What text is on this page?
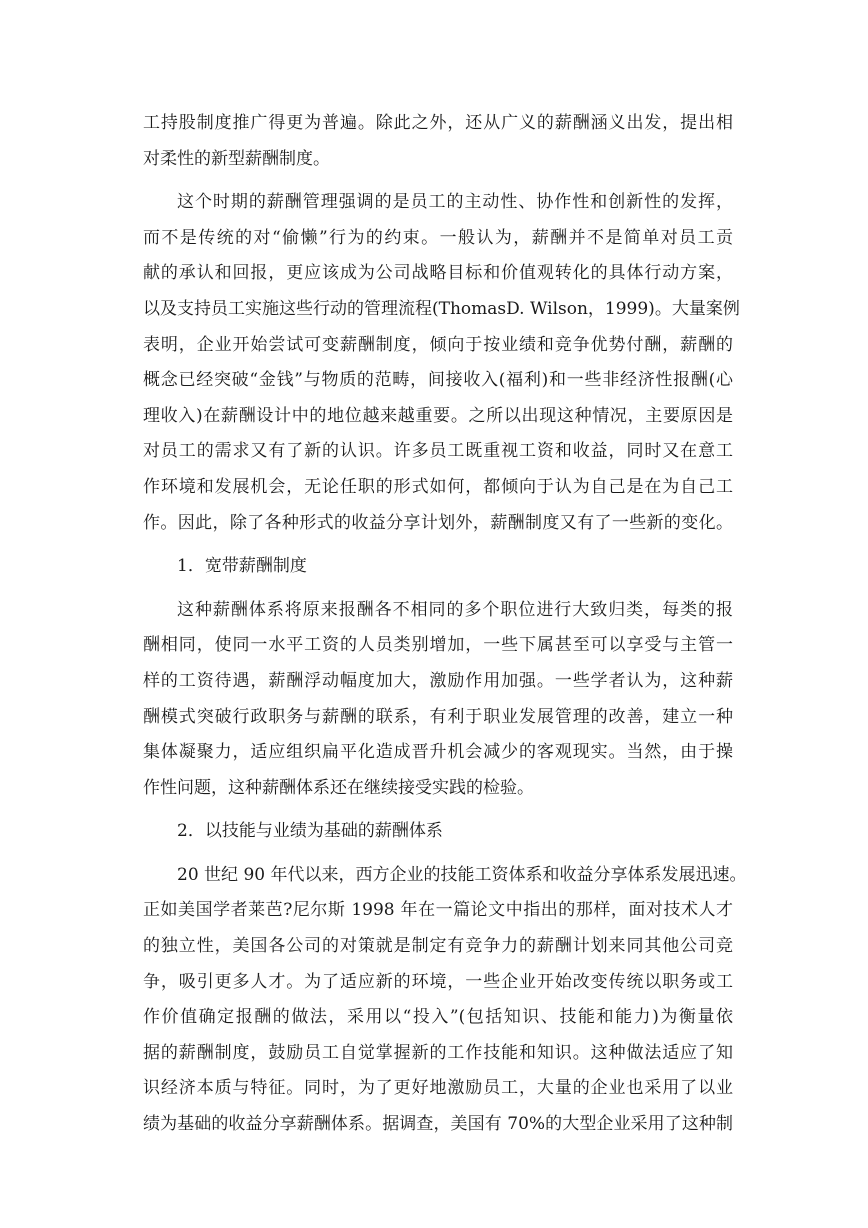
工持股制度推广得更为普遍。除此之外，还从广义的薪酬涵义出发，提出相
对柔性的新型薪酬制度。
这个时期的薪酬管理强调的是员工的主动性、协作性和创新性的发挥，
而不是传统的对“偷懒”行为的约束。一般认为，薪酬并不是简单对员工贡
献的承认和回报，更应该成为公司战略目标和价值观转化的具体行动方案，
以及支持员工实施这些行动的管理流程(ThomasD. Wilson，1999)。大量案例
表明，企业开始尝试可变薪酬制度，倾向于按业绩和竞争优势付酬，薪酬的
概念已经突破“金钱”与物质的范畴，间接收入(福利)和一些非经济性报酬(心
理收入)在薪酬设计中的地位越来越重要。之所以出现这种情况，主要原因是
对员工的需求又有了新的认识。许多员工既重视工资和收益，同时又在意工
作环境和发展机会，无论任职的形式如何，都倾向于认为自己是在为自己工
作。因此，除了各种形式的收益分享计划外，薪酬制度又有了一些新的变化。
1．宽带薪酬制度
这种薪酬体系将原来报酬各不相同的多个职位进行大致归类，每类的报
酬相同，使同一水平工资的人员类别增加，一些下属甚至可以享受与主管一
样的工资待遇，薪酬浮动幅度加大，激励作用加强。一些学者认为，这种薪
酬模式突破行政职务与薪酬的联系，有利于职业发展管理的改善，建立一种
集体凝聚力，适应组织扁平化造成晋升机会减少的客观现实。当然，由于操
作性问题，这种薪酬体系还在继续接受实践的检验。
2．以技能与业绩为基础的薪酬体系
20 世纪 90 年代以来，西方企业的技能工资体系和收益分享体系发展迅速。
正如美国学者莱芭?尼尔斯 1998 年在一篇论文中指出的那样，面对技术人才
的独立性，美国各公司的对策就是制定有竞争力的薪酬计划来同其他公司竞
争，吸引更多人才。为了适应新的环境，一些企业开始改变传统以职务或工
作价值确定报酬的做法，采用以“投入”(包括知识、技能和能力)为衡量依
据的薪酬制度，鼓励员工自觉掌握新的工作技能和知识。这种做法适应了知
识经济本质与特征。同时，为了更好地激励员工，大量的企业也采用了以业
绩为基础的收益分享薪酬体系。据调查，美国有 70%的大型企业采用了这种制
